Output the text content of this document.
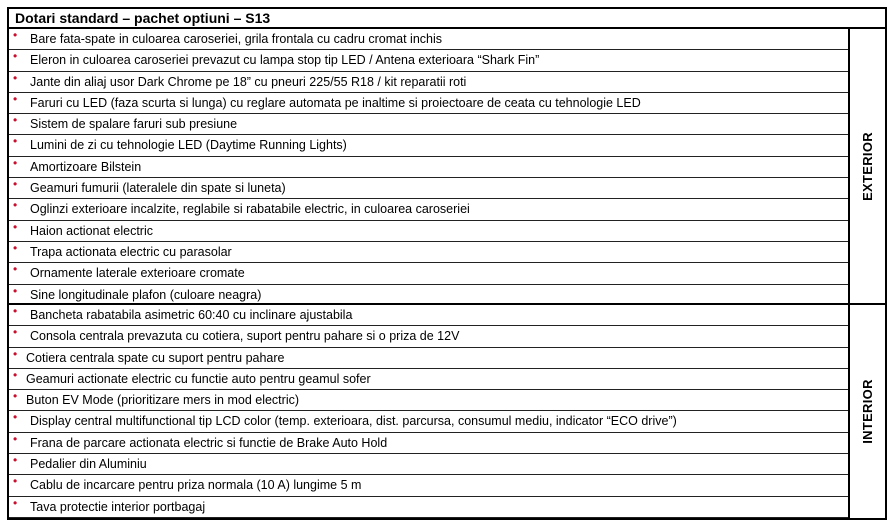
Dotari standard – pachet optiuni – S13
• Bare fata-spate in culoarea caroseriei, grila frontala cu cadru cromat inchis
• Eleron in culoarea caroseriei prevazut cu lampa stop tip LED / Antena exterioara “Shark Fin”
• Jante din aliaj usor Dark Chrome pe 18” cu pneuri 225/55 R18 / kit reparatii roti
• Faruri cu LED (faza scurta si lunga) cu reglare automata pe inaltime si proiectoare de ceata cu tehnologie LED
• Sistem de spalare faruri sub presiune
• Lumini de zi cu tehnologie LED (Daytime Running Lights)
• Amortizoare Bilstein
• Geamuri fumurii (lateralele din spate si luneta)
• Oglinzi exterioare incalzite, reglabile si rabatabile electric, in culoarea caroseriei
• Haion actionat electric
• Trapa actionata electric cu parasolar
• Ornamente laterale exterioare cromate
• Sine longitudinale plafon (culoare neagra)
EXTERIOR
• Bancheta rabatabila asimetric 60:40 cu inclinare ajustabila
• Consola centrala prevazuta cu cotiera, suport pentru pahare si o priza de 12V
• Cotiera centrala spate cu suport pentru pahare
• Geamuri actionate electric cu functie auto pentru geamul sofer
• Buton EV Mode (prioritizare mers in mod electric)
• Display central multifunctional tip LCD color (temp. exterioara, dist. parcursa, consumul mediu, indicator “ECO drive”)
• Frana de parcare actionata electric si functie de Brake Auto Hold
• Pedalier din Aluminiu
• Cablu de incarcare pentru priza normala (10 A) lungime 5 m
• Tava protectie interior portbagaj
INTERIOR
